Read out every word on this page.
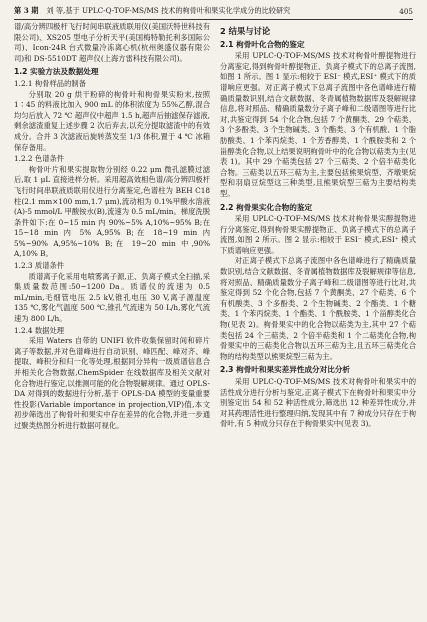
第 3 期	刘 等,基于 UPLC-Q-TOF-MS/MS 技术的枸骨叶和果实化学成分的比较研究	405

谱/高分辨四极杆飞行时间串联液质联用仪(美国沃特世科技有限公司)、XS205 型电子分析天平(美国梅特勒托利多国际公司)、Icon-24R 台式微量冷冻离心机(杭州奥盛仪器有限公司)和 DS-5510DT 超声仪(上海方雷科技有限公司)。

1.2 实验方法及数据处理
1.2.1 枸骨样品的制备

分别取 20 g 烘干粉碎的枸骨叶和枸骨果实粉末,按照 1∶45 的料液比加入 900 mL 的体积浓度为 55%乙醇,混合均匀后放入 72 ℃ 超声仪中超声 1.5 h,超声后抽滤保存滤液,剩余滤渣重复上述步骤 2 次后弃去,以充分提取滤渣中的有效成分。合并 3 次滤液后旋转蒸发至 1/3 体积,置于 4 ℃ 冰箱保存备用。

1.2.2 色谱条件

枸骨叶片和果实提取物分别经 0.22 μm 微孔滤膜过滤后,取 1 μL 直接进样分析。采用超高效相色谱/高分辨四极杆飞行时间串联液质联用仪进行分离鉴定,色谱柱为 BEH C18 柱(2.1 mm×100 mm,1.7 μm),流动相为 0.1%甲酸水溶液(A)-5 mmol/L 甲酸铵水(B),流速为 0.5 mL/min。梯度洗脱条件如下:在 0~15 min 内 90%~5% A,10%~95% B;在 15~18 min 内 5% A,95% B;在 18~19 min 内 5%~90% A,95%~10% B;在 19~20 min 中,90% A,10% B。

1.2.3 质谱条件

质谱离子化采用电喷雾离子源,正、负离子模式全扫描,采集质量数范围:50~1200 Da。质谱仪的流速为 0.5 mL/min,毛细管电压 2.5 kV,锥孔电压 30 V,离子源温度 135 ℃,雾化气温度 500 ℃,锥孔气流速为 50 L/h,雾化气流速为 800 L/h。

1.2.4 数据处理

采用 Waters 自带的 UNIFI 软件收集保留时间和碎片离子等数据,并对色谱峰进行自动识别、峰匹配、峰对齐、峰提取、峰积分和归一化等处理,根据同分异构一级质谱信息合并相关化合物数据,ChemSpider 在线数据库及相关文献对化合物进行鉴定,以推测可能的化合物裂解规律。通过 OPLS-DA 对得到的数据进行分析,基于 OPLS-DA 模型的变量重要性投影(Variable importance in projection,VIP)值,本文初步筛选出了枸骨叶和果实中存在差异的化合物,并进一步通过聚类热图分析进行数据可视化。

2 结果与讨论
2.1 枸骨叶化合物的鉴定

采用 UPLC-Q-TOF-MS/MS 技术对枸骨叶醇提物进行分离鉴定,得到枸骨叶醇提物正、负离子模式下的总离子流图,如图 1 所示。图 1 显示:相较于 ESI⁻ 模式,ESI⁺ 模式下的质谱响应更强。对正离子模式下总离子流图中各色谱峰进行精确质量数识别,结合文献数据、冬青属植物数据库及裂解规律信息,将对照品、精确质量数分子离子峰和二级谱图等进行比对,共鉴定得到 54 个化合物,包括 7 个黄酮类、29 个萜类、3 个多酚类、3 个生物碱类、3 个酯类、3 个有机酸、1 个脂肪酸类、1 个苯丙烷类、1 个芳香醇类、1 个酰胺类和 2 个甾醇类化合物,以上结果说明枸骨叶中的化合物以萜类为主(见表 1)。其中 29 个萜类包括 27 个三萜类、2 个倍半萜类化合物。三萜类以五环三萜为主,主要包括熊果烷型、齐墩果烷型和羽扇豆烷型这三种类型,且熊果烷型三萜为主要结构类型。

2.2 枸骨果实化合物的鉴定

采用 UPLC-Q-TOF-MS/MS 技术对枸骨果实醇提物进行分离鉴定,得到枸骨果实醇提物正、负离子模式下的总离子流图,如图 2 所示。图 2 显示:相较于 ESI⁻ 模式,ESI⁺ 模式下质谱响应更强。

对正离子模式下总离子流图中各色谱峰进行了精确质量数识别,结合文献数据、冬青属植物数据库及裂解规律等信息,将对照品、精确质量数分子离子峰和二级谱图等进行比对,共鉴定得到 52 个化合物,包括 7 个黄酮类、27 个萜类、6 个有机酸类、3 个多酚类、2 个生物碱类、2 个酯类、1 个糖类、1 个苯丙烷类、1 个酯类、1 个酰胺类、1 个甾醇类化合物(见表 2)。枸骨果实中的化合物以萜类为主,其中 27 个萜类包括 24 个三萜类、2 个倍半萜类和 1 个二萜类化合物,枸骨果实中的三萜类化合物以五环三萜为主,且五环三萜类化合物的结构类型以熊果烷型三萜为主。

2.3 枸骨叶和果实差异性成分对比分析

采用 UPLC-Q-TOF-MS/MS 技术对枸骨叶和果实中的活性成分进行分析与鉴定,正离子模式下在枸骨叶和果实中分别鉴定出 54 和 52 种活性成分,筛选出 12 种差异性成分,并对其药理活性进行整理归纳,发现其中有 7 种成分只存在于枸骨叶,有 5 种成分只存在于枸骨果实中(见表 3)。
